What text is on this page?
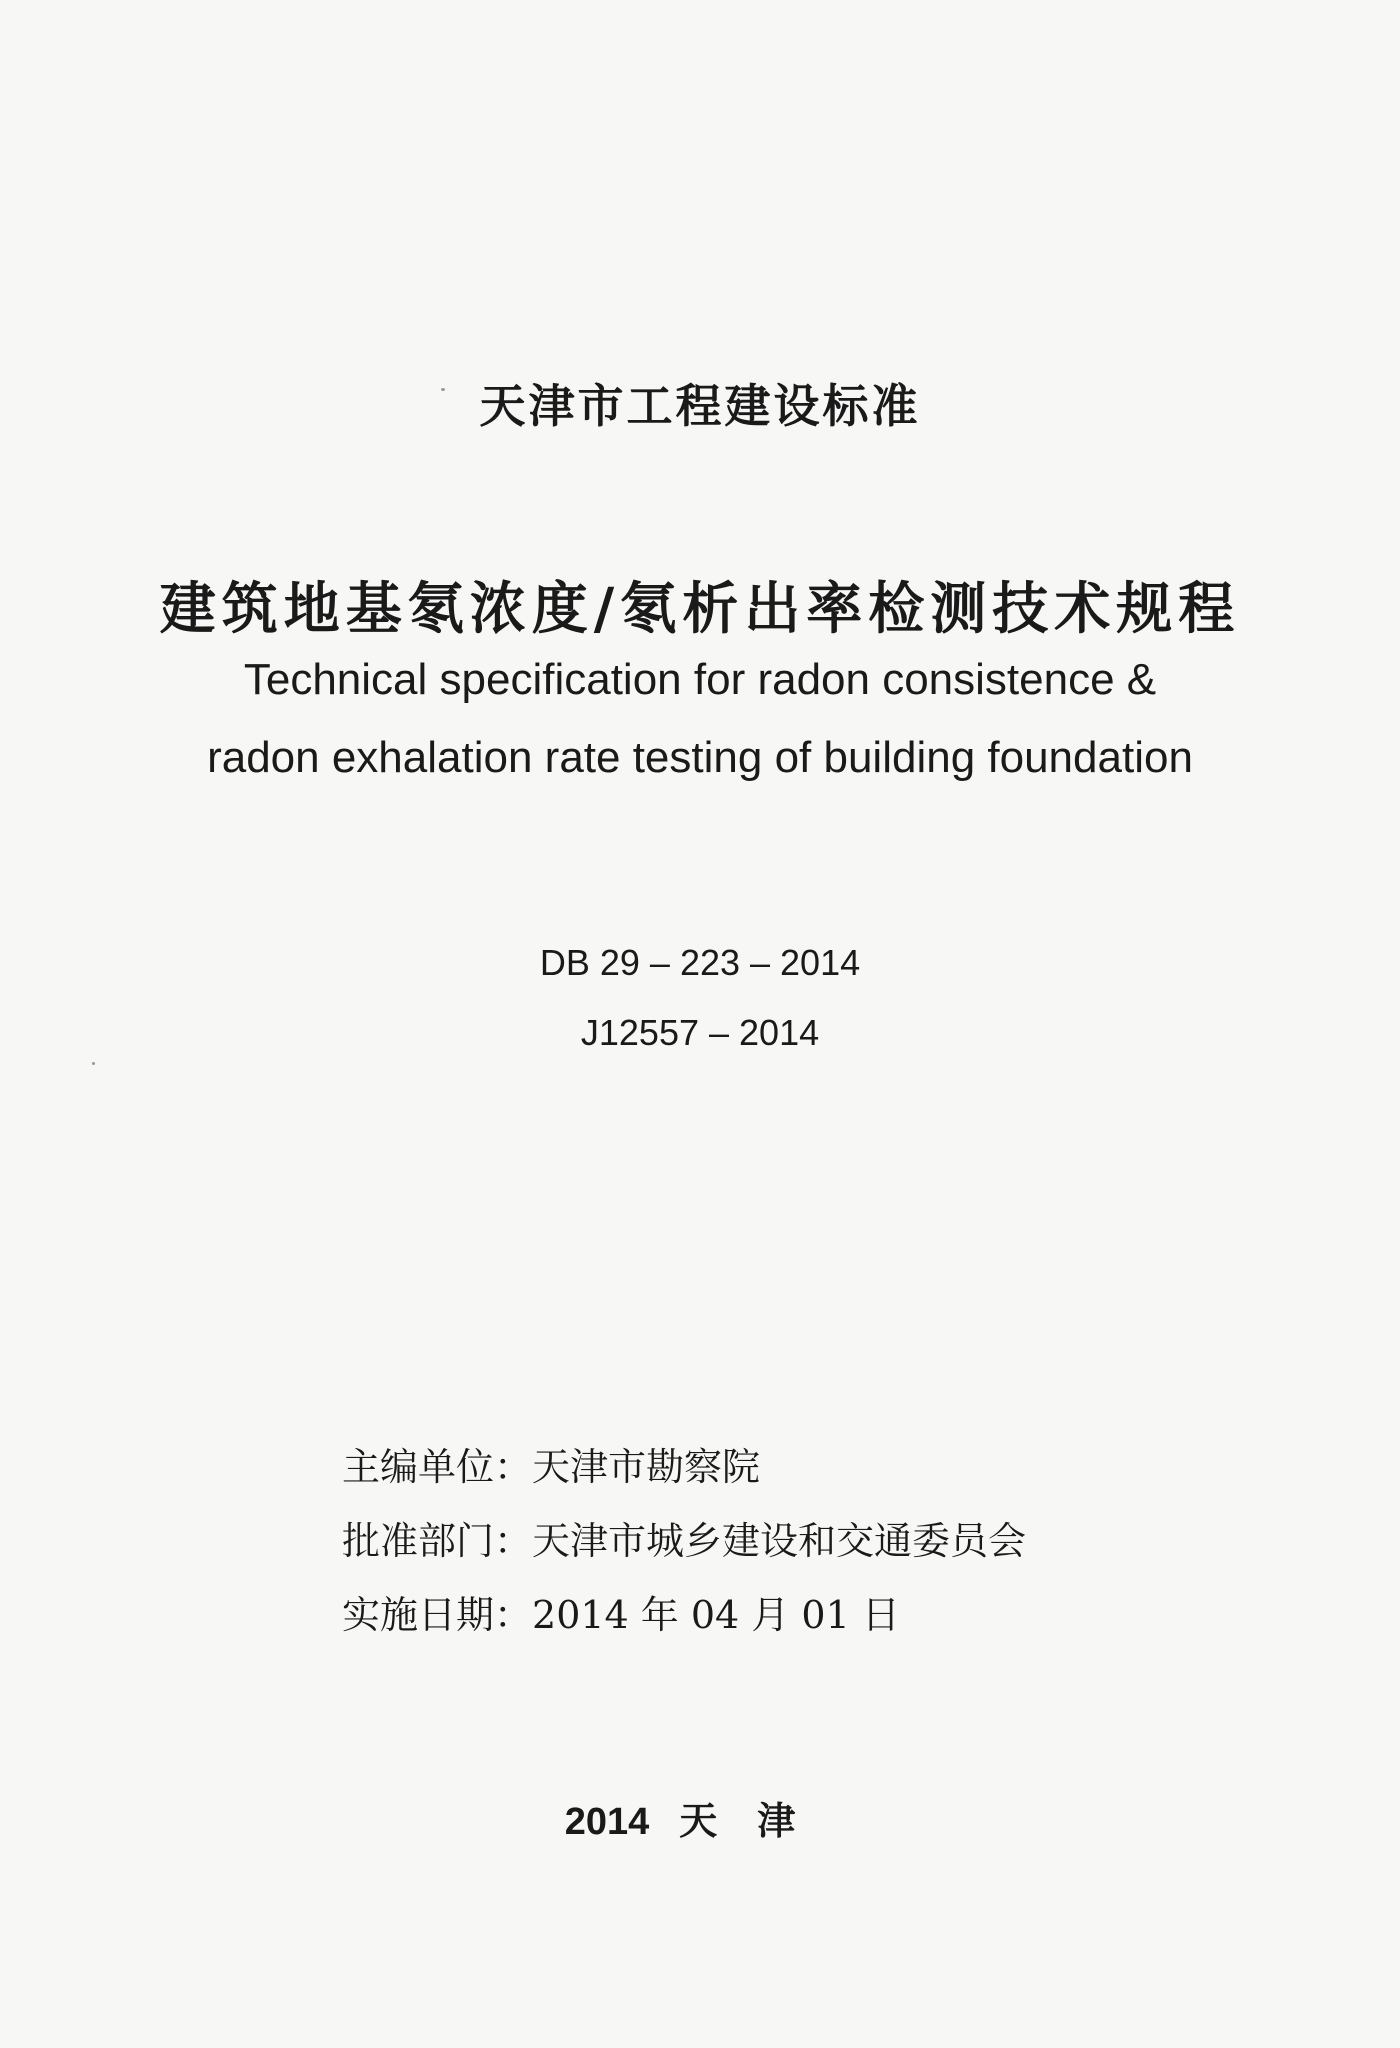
天津市工程建设标准
建筑地基氡浓度/氡析出率检测技术规程
Technical specification for radon consistence &
radon exhalation rate testing of building foundation
DB 29 – 223 – 2014
J12557 – 2014
主编单位：天津市勘察院
批准部门：天津市城乡建设和交通委员会
实施日期：2014 年 04 月 01 日
2014 天津
